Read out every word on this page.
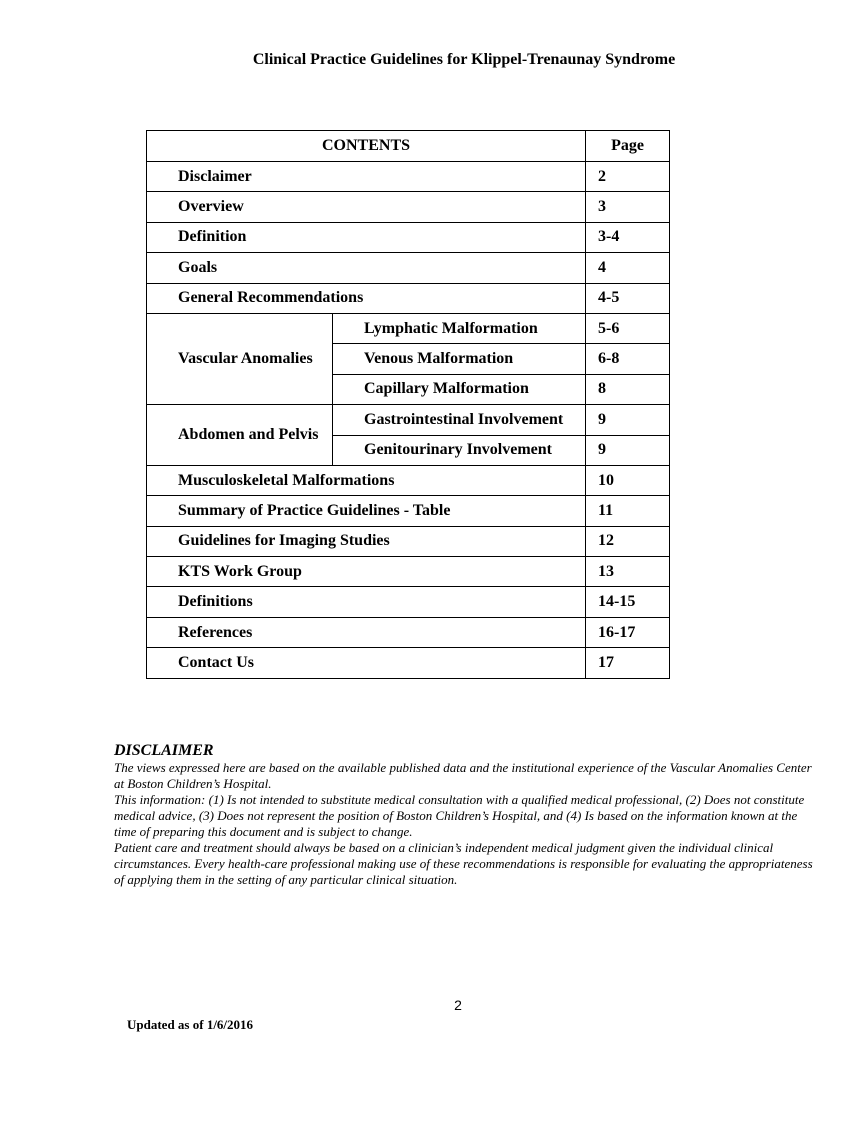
Clinical Practice Guidelines for Klippel-Trenaunay Syndrome
CONTENTS		Page
Disclaimer		2
Overview		3
Definition		3-4
Goals		4
General Recommendations		4-5
Vascular Anomalies	Lymphatic Malformation	5-6
	Venous Malformation	6-8
	Capillary Malformation	8
Abdomen and Pelvis	Gastrointestinal Involvement	9
	Genitourinary Involvement	9
Musculoskeletal Malformations		10
Summary of Practice Guidelines - Table		11
Guidelines for Imaging Studies		12
KTS Work Group		13
Definitions		14-15
References		16-17
Contact Us		17

DISCLAIMER

The views expressed here are based on the available published data and the institutional experience of the Vascular Anomalies Center at Boston Children’s Hospital.

This information: (1) Is not intended to substitute medical consultation with a qualified medical professional, (2) Does not constitute medical advice, (3) Does not represent the position of Boston Children’s Hospital, and (4) Is based on the information known at the time of preparing this document and is subject to change.

Patient care and treatment should always be based on a clinician’s independent medical judgment given the individual clinical circumstances. Every health-care professional making use of these recommendations is responsible for evaluating the appropriateness of applying them in the setting of any particular clinical situation.

2
Updated as of 1/6/2016
